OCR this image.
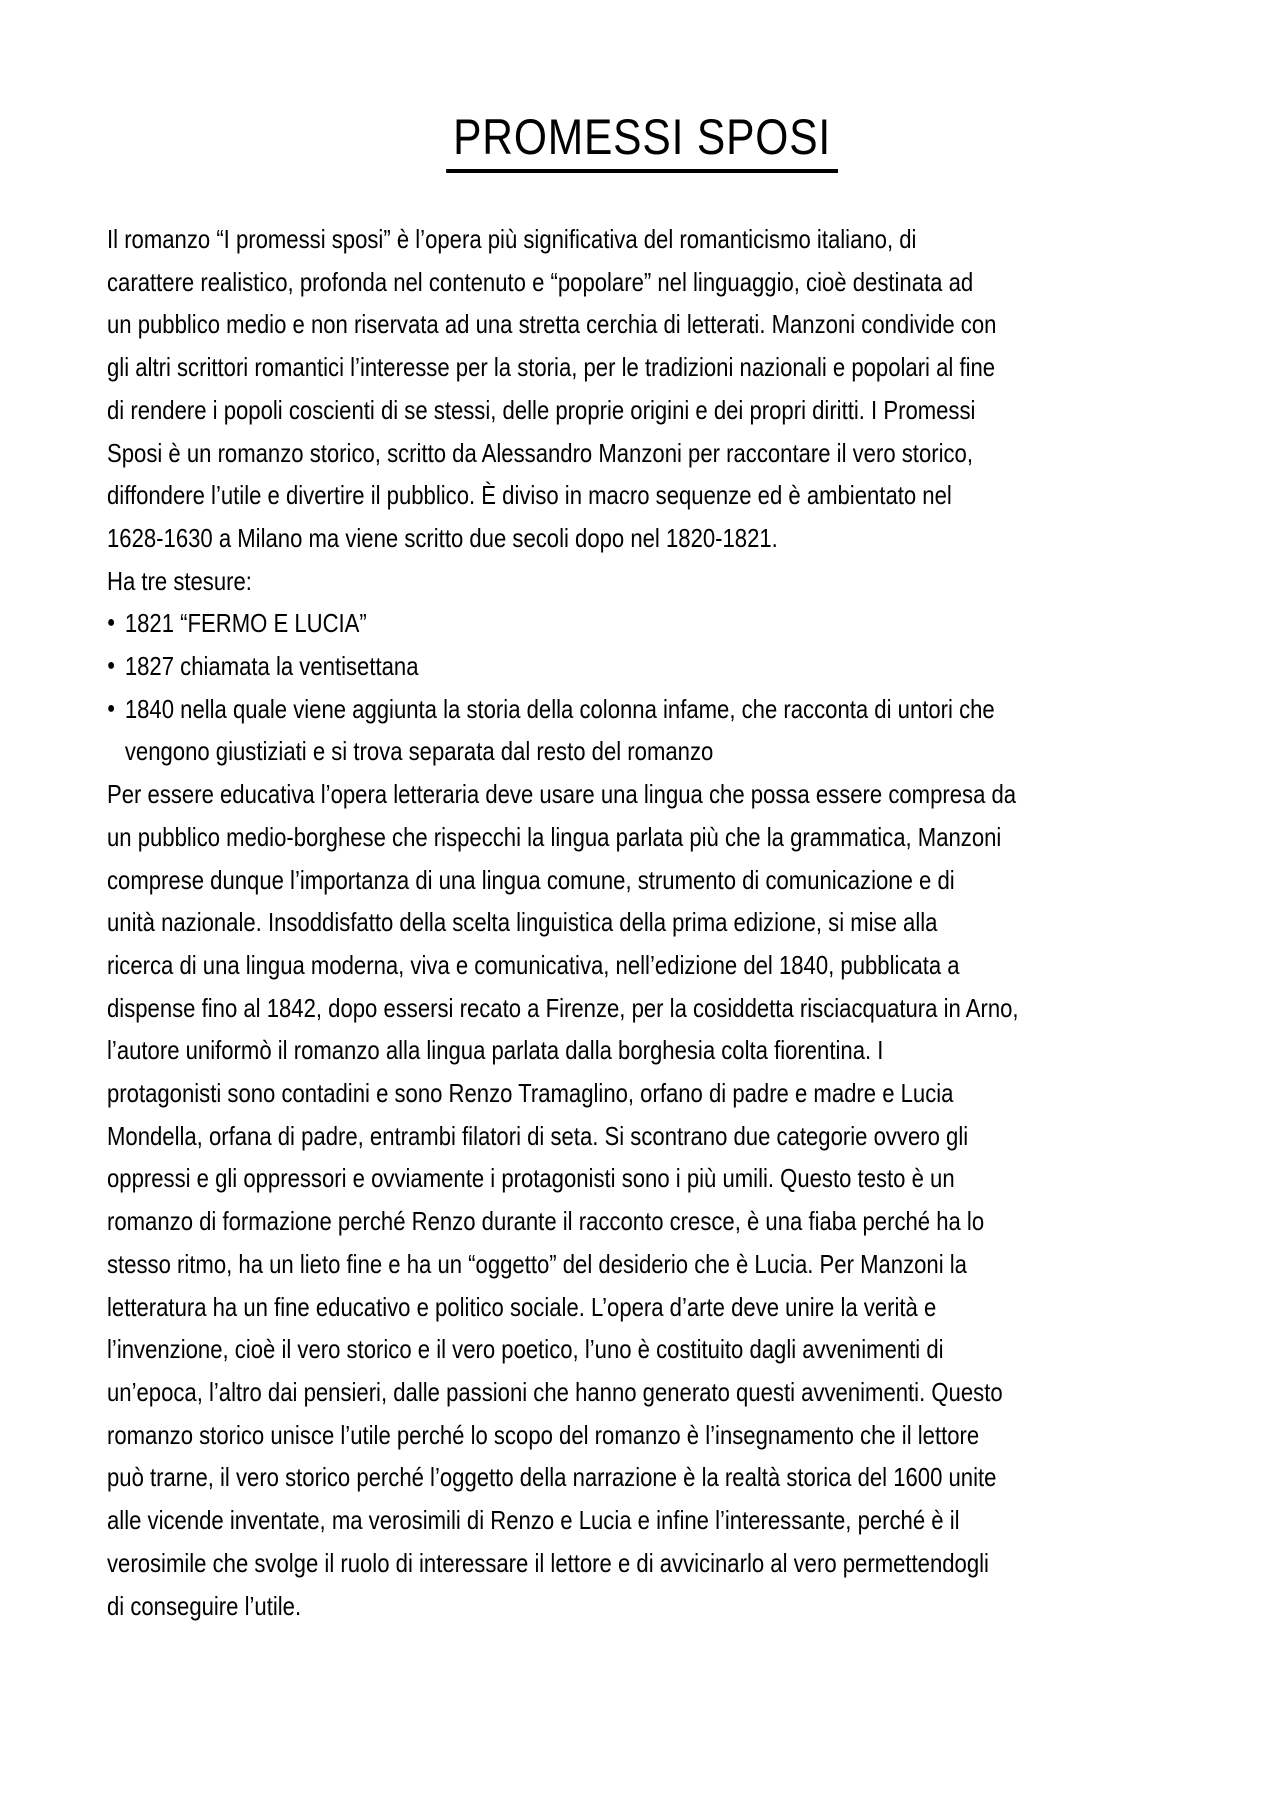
PROMESSI SPOSI
Il romanzo “I promessi sposi” è l’opera più significativa del romanticismo italiano, di
carattere realistico, profonda nel contenuto e “popolare” nel linguaggio, cioè destinata ad
un pubblico medio e non riservata ad una stretta cerchia di letterati. Manzoni condivide con
gli altri scrittori romantici l’interesse per la storia, per le tradizioni nazionali e popolari al fine
di rendere i popoli coscienti di se stessi, delle proprie origini e dei propri diritti. I Promessi
Sposi è un romanzo storico, scritto da Alessandro Manzoni per raccontare il vero storico,
diffondere l’utile e divertire il pubblico. È diviso in macro sequenze ed è ambientato nel
1628-1630 a Milano ma viene scritto due secoli dopo nel 1820-1821.
Ha tre stesure:
● 1821 “FERMO E LUCIA”
● 1827 chiamata la ventisettana
● 1840 nella quale viene aggiunta la storia della colonna infame, che racconta di untori che
vengono giustiziati e si trova separata dal resto del romanzo
Per essere educativa l’opera letteraria deve usare una lingua che possa essere compresa da
un pubblico medio-borghese che rispecchi la lingua parlata più che la grammatica, Manzoni
comprese dunque l’importanza di una lingua comune, strumento di comunicazione e di
unità nazionale. Insoddisfatto della scelta linguistica della prima edizione, si mise alla
ricerca di una lingua moderna, viva e comunicativa, nell’edizione del 1840, pubblicata a
dispense fino al 1842, dopo essersi recato a Firenze, per la cosiddetta risciacquatura in Arno,
l’autore uniformò il romanzo alla lingua parlata dalla borghesia colta fiorentina. I
protagonisti sono contadini e sono Renzo Tramaglino, orfano di padre e madre e Lucia
Mondella, orfana di padre, entrambi filatori di seta. Si scontrano due categorie ovvero gli
oppressi e gli oppressori e ovviamente i protagonisti sono i più umili. Questo testo è un
romanzo di formazione perché Renzo durante il racconto cresce, è una fiaba perché ha lo
stesso ritmo, ha un lieto fine e ha un “oggetto” del desiderio che è Lucia. Per Manzoni la
letteratura ha un fine educativo e politico sociale. L’opera d’arte deve unire la verità e
l’invenzione, cioè il vero storico e il vero poetico, l’uno è costituito dagli avvenimenti di
un’epoca, l’altro dai pensieri, dalle passioni che hanno generato questi avvenimenti. Questo
romanzo storico unisce l’utile perché lo scopo del romanzo è l’insegnamento che il lettore
può trarne, il vero storico perché l’oggetto della narrazione è la realtà storica del 1600 unite
alle vicende inventate, ma verosimili di Renzo e Lucia e infine l’interessante, perché è il
verosimile che svolge il ruolo di interessare il lettore e di avvicinarlo al vero permettendogli
di conseguire l’utile.
